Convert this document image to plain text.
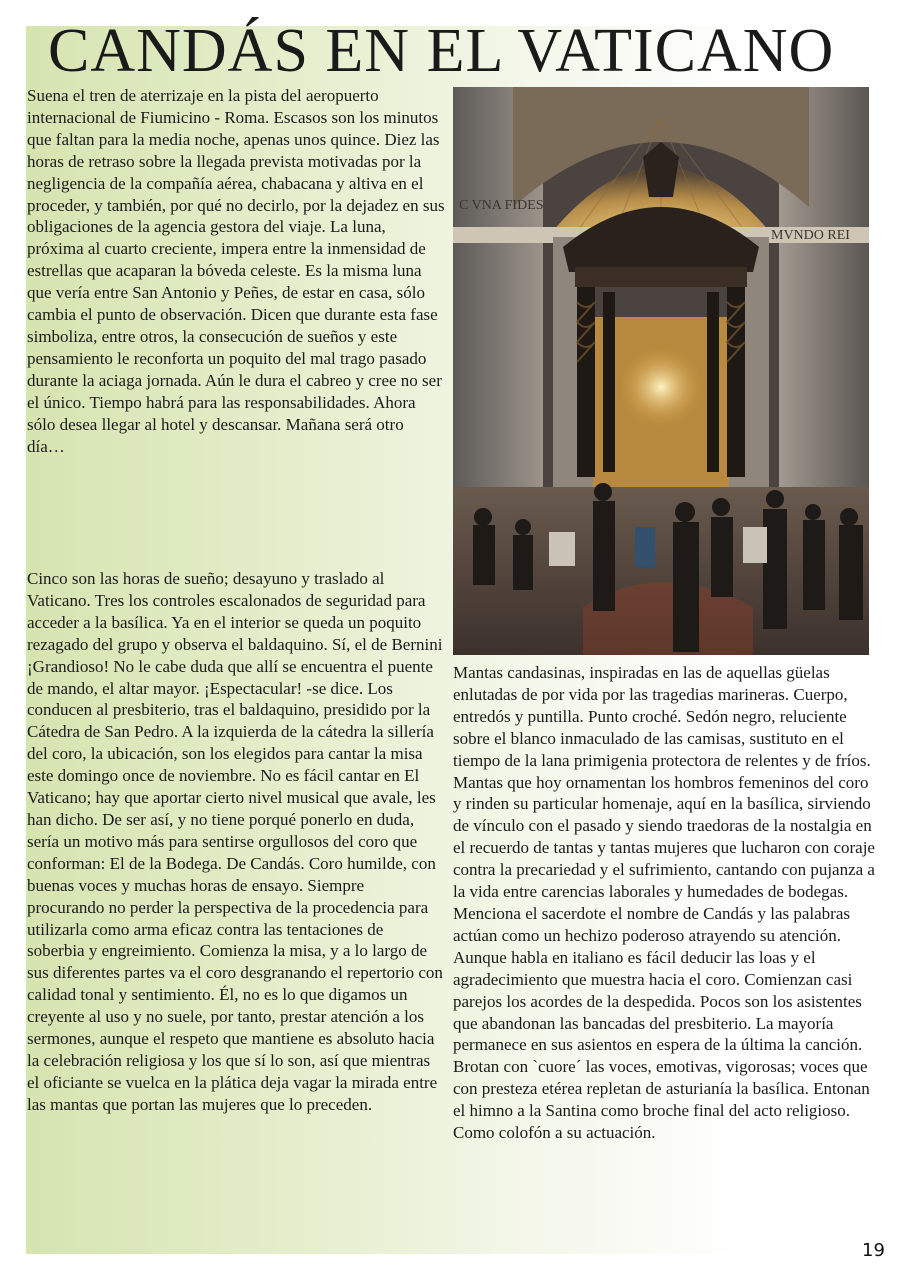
CANDÁS EN EL VATICANO

Suena el tren de aterrizaje en la pista del aeropuerto internacional de Fiumicino - Roma. Escasos son los minutos que faltan para la media noche, apenas unos quince. Diez las horas de retraso sobre la llegada prevista motivadas por la negligencia de la compañía aérea, chabacana y altiva en el proceder, y también, por qué no decirlo, por la dejadez en sus obligaciones de la agencia gestora del viaje. La luna, próxima al cuarto creciente, impera entre la inmensidad de estrellas que acaparan la bóveda celeste. Es la misma luna que vería entre San Antonio y Peñes, de estar en casa, sólo cambia el punto de observación. Dicen que durante esta fase simboliza, entre otros, la consecución de sueños y este pensamiento le reconforta un poquito del mal trago pasado durante la aciaga jornada. Aún le dura el cabreo y cree no ser el único. Tiempo habrá para las responsabilidades. Ahora sólo desea llegar al hotel y descansar. Mañana será otro día…

Cinco son las horas de sueño; desayuno y traslado al Vaticano. Tres los controles escalonados de seguridad para acceder a la basílica. Ya en el interior se queda un poquito rezagado del grupo y observa el baldaquino. Sí, el de Bernini ¡Grandioso! No le cabe duda que allí se encuentra el puente de mando, el altar mayor. ¡Espectacular! -se dice. Los conducen al presbiterio, tras el baldaquino, presidido por la Cátedra de San Pedro. A la izquierda de la cátedra la sillería del coro, la ubicación, son los elegidos para cantar la misa este domingo once de noviembre. No es fácil cantar en El Vaticano; hay que aportar cierto nivel musical que avale, les han dicho. De ser así, y no tiene porqué ponerlo en duda, sería un motivo más para sentirse orgullosos del coro que conforman: El de la Bodega. De Candás. Coro humilde, con buenas voces y muchas horas de ensayo. Siempre procurando no perder la perspectiva de la procedencia para utilizarla como arma eficaz contra las tentaciones de soberbia y engreimiento. Comienza la misa, y a lo largo de sus diferentes partes va el coro desgranando el repertorio con calidad tonal y sentimiento. Él, no es lo que digamos un creyente al uso y no suele, por tanto, prestar atención a los sermones, aunque el respeto que mantiene es absoluto hacia la celebración religiosa y los que sí lo son, así que mientras el oficiante se vuelca en la plática deja vagar la mirada entre las mantas que portan las mujeres que lo preceden.

C VNA FIDES
MVNDO REI

Mantas candasinas, inspiradas en las de aquellas güelas enlutadas de por vida por las tragedias marineras. Cuerpo, entredós y puntilla. Punto croché. Sedón negro, reluciente sobre el blanco inmaculado de las camisas, sustituto en el tiempo de la lana primigenia protectora de relentes y de fríos. Mantas que hoy ornamentan los hombros femeninos del coro y rinden su particular homenaje, aquí en la basílica, sirviendo de vínculo con el pasado y siendo traedoras de la nostalgia en el recuerdo de tantas y tantas mujeres que lucharon con coraje contra la precariedad y el sufrimiento, cantando con pujanza a la vida entre carencias laborales y humedades de bodegas. Menciona el sacerdote el nombre de Candás y las palabras actúan como un hechizo poderoso atrayendo su atención. Aunque habla en italiano es fácil deducir las loas y el agradecimiento que muestra hacia el coro. Comienzan casi parejos los acordes de la despedida. Pocos son los asistentes que abandonan las bancadas del presbiterio. La mayoría permanece en sus asientos en espera de la última la canción. Brotan con `cuore´ las voces, emotivas, vigorosas; voces que con presteza etérea repletan de asturianía la basílica. Entonan el himno a la Santina como broche final del acto religioso. Como colofón a su actuación.

19
